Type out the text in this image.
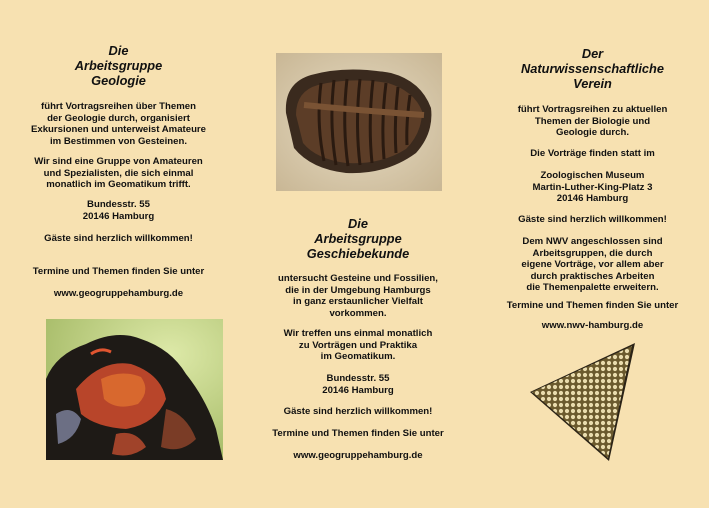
Die
Arbeitsgruppe
Geologie

führt Vortragsreihen über Themen
der Geologie durch, organisiert
Exkursionen und unterweist Amateure
im Bestimmen von Gesteinen.

Wir sind eine Gruppe von Amateuren
und Spezialisten, die sich einmal
monatlich im Geomatikum trifft.

Bundesstr. 55
20146 Hamburg

Gäste sind herzlich willkommen!

Termine und Themen finden Sie unter

www.geogruppehamburg.de

Die
Arbeitsgruppe
Geschiebekunde

untersucht Gesteine und Fossilien,
die in der Umgebung Hamburgs
in ganz erstaunlicher Vielfalt
vorkommen.

Wir treffen uns einmal monatlich
zu Vorträgen und Praktika
im Geomatikum.

Bundesstr. 55
20146 Hamburg

Gäste sind herzlich willkommen!

Termine und Themen finden Sie unter

www.geogruppehamburg.de

Der
Naturwissenschaftliche
Verein

führt Vortragsreihen zu aktuellen
Themen der Biologie und
Geologie durch.

Die Vorträge finden statt im

Zoologischen Museum
Martin-Luther-King-Platz 3
20146 Hamburg

Gäste sind herzlich willkommen!

Dem NWV angeschlossen sind
Arbeitsgruppen, die durch
eigene Vorträge, vor allem aber
durch praktisches Arbeiten
die Themenpalette erweitern.

Termine und Themen finden Sie unter

www.nwv-hamburg.de
